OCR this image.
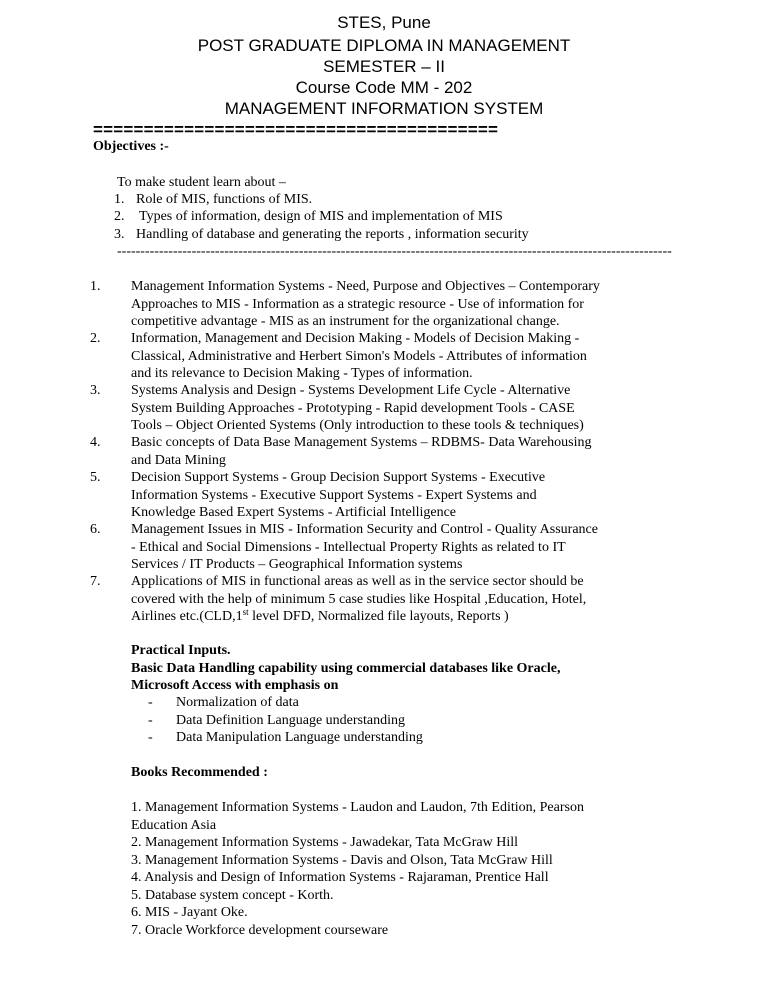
STES, Pune
POST GRADUATE DIPLOMA IN MANAGEMENT
SEMESTER – II
Course Code MM - 202
MANAGEMENT INFORMATION SYSTEM
========================================
Objectives :-
To make student learn about –
1. Role of MIS, functions of MIS.
2. Types of information, design of MIS and implementation of MIS
3. Handling of database and generating the reports , information security
-----------------------------------------------------------------------------------------------------------------------
1. Management Information Systems - Need, Purpose and Objectives – Contemporary
Approaches to MIS - Information as a strategic resource - Use of information for
competitive advantage - MIS as an instrument for the organizational change.
2. Information, Management and Decision Making - Models of Decision Making -
Classical, Administrative and Herbert Simon's Models - Attributes of information
and its relevance to Decision Making - Types of information.
3. Systems Analysis and Design - Systems Development Life Cycle - Alternative
System Building Approaches - Prototyping - Rapid development Tools - CASE
Tools – Object Oriented Systems (Only introduction to these tools & techniques)
4. Basic concepts of Data Base Management Systems – RDBMS- Data Warehousing
and Data Mining
5. Decision Support Systems - Group Decision Support Systems - Executive
Information Systems - Executive Support Systems - Expert Systems and
Knowledge Based Expert Systems - Artificial Intelligence
6. Management Issues in MIS - Information Security and Control - Quality Assurance
- Ethical and Social Dimensions - Intellectual Property Rights as related to IT
Services / IT Products – Geographical Information systems
7. Applications of MIS in functional areas as well as in the service sector should be
covered with the help of minimum 5 case studies like Hospital ,Education, Hotel,
Airlines etc.(CLD,1st level DFD, Normalized file layouts, Reports )
Practical Inputs.
Basic Data Handling capability using commercial databases like Oracle,
Microsoft Access with emphasis on
- Normalization of data
- Data Definition Language understanding
- Data Manipulation Language understanding
Books Recommended :
1. Management Information Systems - Laudon and Laudon, 7th Edition, Pearson
Education Asia
2. Management Information Systems - Jawadekar, Tata McGraw Hill
3. Management Information Systems - Davis and Olson, Tata McGraw Hill
4. Analysis and Design of Information Systems - Rajaraman, Prentice Hall
5. Database system concept - Korth.
6. MIS - Jayant Oke.
7. Oracle Workforce development courseware
